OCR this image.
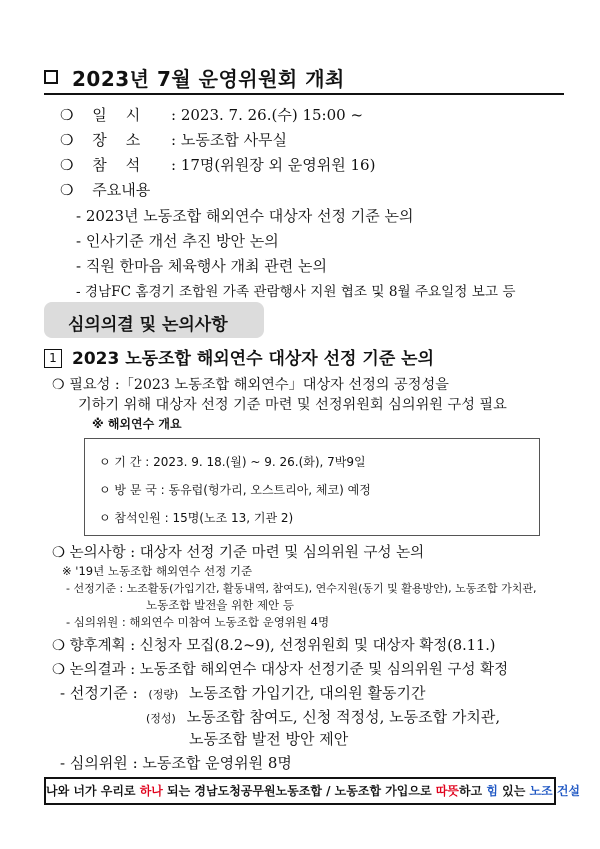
2023년 7월 운영위원회 개최
❍ 일    시 : 2023. 7. 26.(수) 15:00 ~
❍ 장    소 : 노동조합 사무실
❍ 참    석 : 17명(위원장 외 운영위원 16)
❍ 주요내용
- 2023년 노동조합 해외연수 대상자 선정 기준 논의
- 인사기준 개선 추진 방안 논의
- 직원 한마음 체육행사 개최 관련 논의
- 경남FC 홈경기 조합원 가족 관람행사 지원 협조 및 8월 주요일정 보고 등
심의의결 및 논의사항
1 2023 노동조합 해외연수 대상자 선정 기준 논의
❍ 필요성 :「2023 노동조합 해외연수」대상자 선정의 공정성을
기하기 위해 대상자 선정 기준 마련 및 선정위원회 심의위원 구성 필요
※ 해외연수 개요
ㅇ 기 간 : 2023. 9. 18.(월) ~ 9. 26.(화), 7박9일
ㅇ 방 문 국 : 동유럽(헝가리, 오스트리아, 체코) 예정
ㅇ 참석인원 : 15명(노조 13, 기관 2)
❍ 논의사항 : 대상자 선정 기준 마련 및 심의위원 구성 논의
※ '19년 노동조합 해외연수 선정 기준
- 선정기준 : 노조활동(가입기간, 활동내역, 참여도), 연수지원(동기 및 활용방안), 노동조합 가치관,
노동조합 발전을 위한 제안 등
- 심의위원 : 해외연수 미참여 노동조합 운영위원 4명
❍ 향후계획 : 신청자 모집(8.2~9), 선정위원회 및 대상자 확정(8.11.)
❍ 논의결과 : 노동조합 해외연수 대상자 선정기준 및 심의위원 구성 확정
- 선정기준 : (정량) 노동조합 가입기간, 대의원 활동기간
(정성) 노동조합 참여도, 신청 적정성, 노동조합 가치관,
노동조합 발전 방안 제안
- 심의위원 : 노동조합 운영위원 8명
나와 너가 우리로 하나 되는 경남도청공무원노동조합 / 노동조합 가입으로 따뜻하고 힘 있는 노조 건설
